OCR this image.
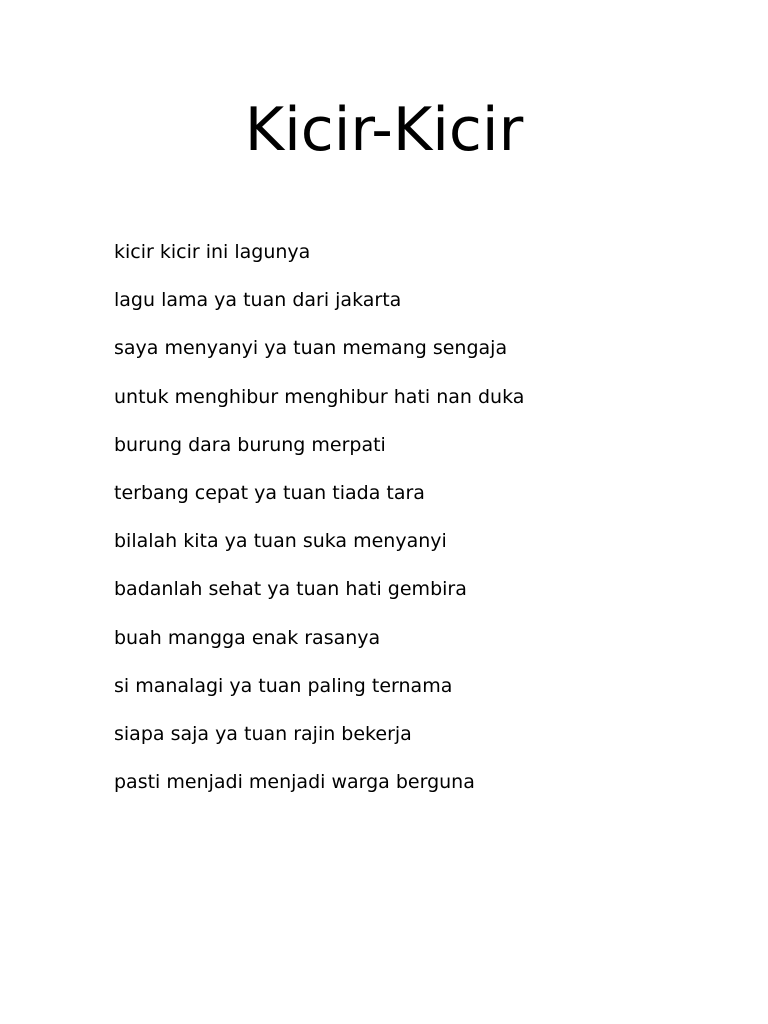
Kicir-Kicir
kicir kicir ini lagunya
lagu lama ya tuan dari jakarta
saya menyanyi ya tuan memang sengaja
untuk menghibur menghibur hati nan duka
burung dara burung merpati
terbang cepat ya tuan tiada tara
bilalah kita ya tuan suka menyanyi
badanlah sehat ya tuan hati gembira
buah mangga enak rasanya
si manalagi ya tuan paling ternama
siapa saja ya tuan rajin bekerja
pasti menjadi menjadi warga berguna
